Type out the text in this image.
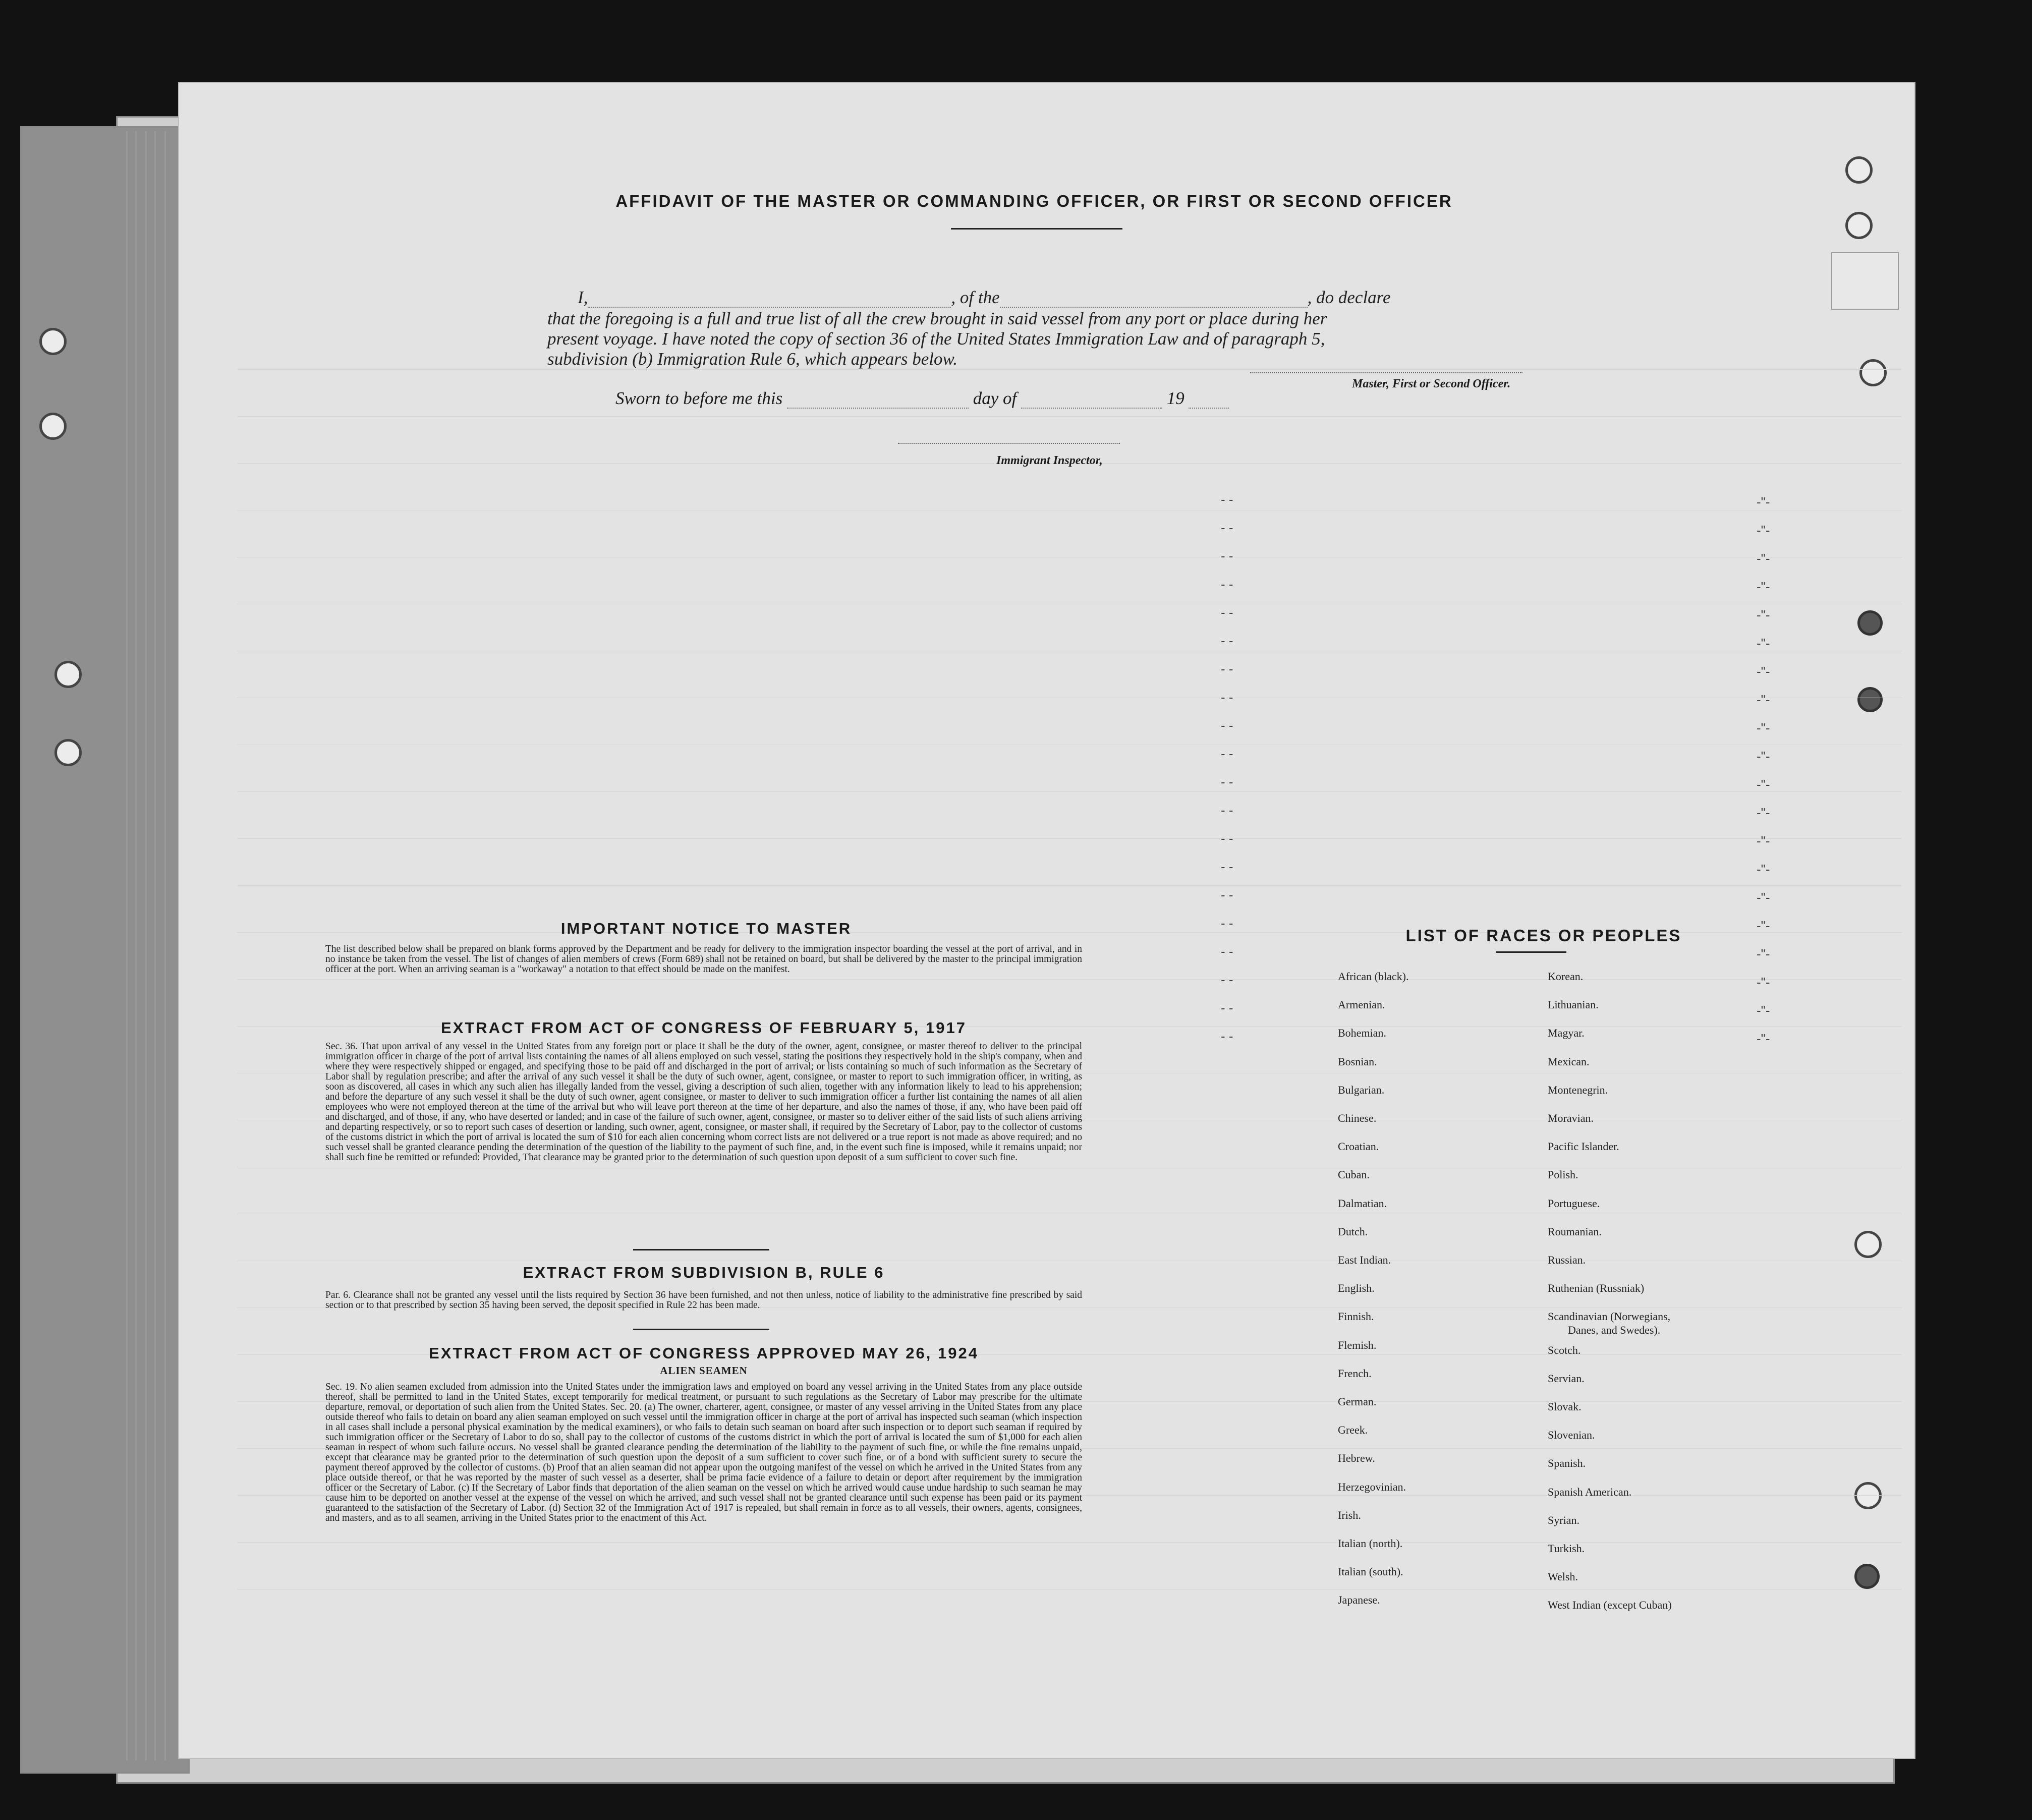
AFFIDAVIT OF THE MASTER OR COMMANDING OFFICER, OR FIRST OR SECOND OFFICER
I,	, of the	, do declare
that the foregoing is a full and true list of all the crew brought in said vessel from any port or place during her
present voyage. I have noted the copy of section 36 of the United States Immigration Law and of paragraph 5,
subdivision (b) Immigration Rule 6, which appears below.
Sworn to before me this	day of	19
Master, First or Second Officer.
Immigrant Inspector,
IMPORTANT NOTICE TO MASTER
The list described below shall be prepared on blank forms approved by the Department and be ready for delivery to the immigration inspector boarding the vessel at the port of arrival, and in no instance be taken from the vessel. The list of changes of alien members of crews (Form 689) shall not be retained on board, but shall be delivered by the master to the principal immigration officer at the port. When an arriving seaman is a "workaway" a notation to that effect should be made on the manifest.
EXTRACT FROM ACT OF CONGRESS OF FEBRUARY 5, 1917
Sec. 36. That upon arrival of any vessel in the United States from any foreign port or place it shall be the duty of the owner, agent, consignee, or master thereof to deliver to the principal immigration officer in charge of the port of arrival lists containing the names of all aliens employed on such vessel, stating the positions they respectively hold in the ship's company, when and where they were respectively shipped or engaged, and specifying those to be paid off and discharged in the port of arrival; or lists containing so much of such information as the Secretary of Labor shall by regulation prescribe; and after the arrival of any such vessel it shall be the duty of such owner, agent, consignee, or master to report to such immigration officer, in writing, as soon as discovered, all cases in which any such alien has illegally landed from the vessel, giving a description of such alien, together with any information likely to lead to his apprehension; and before the departure of any such vessel it shall be the duty of such owner, agent consignee, or master to deliver to such immigration officer a further list containing the names of all alien employees who were not employed thereon at the time of the arrival but who will leave port thereon at the time of her departure, and also the names of those, if any, who have been paid off and discharged, and of those, if any, who have deserted or landed; and in case of the failure of such owner, agent, consignee, or master so to deliver either of the said lists of such aliens arriving and departing respectively, or so to report such cases of desertion or landing, such owner, agent, consignee, or master shall, if required by the Secretary of Labor, pay to the collector of customs of the customs district in which the port of arrival is located the sum of $10 for each alien concerning whom correct lists are not delivered or a true report is not made as above required; and no such vessel shall be granted clearance pending the determination of the question of the liability to the payment of such fine, and, in the event such fine is imposed, while it remains unpaid; nor shall such fine be remitted or refunded: Provided, That clearance may be granted prior to the determination of such question upon deposit of a sum sufficient to cover such fine.
EXTRACT FROM SUBDIVISION B, RULE 6
Par. 6. Clearance shall not be granted any vessel until the lists required by Section 36 have been furnished, and not then unless, notice of liability to the administrative fine prescribed by said section or to that prescribed by section 35 having been served, the deposit specified in Rule 22 has been made.
EXTRACT FROM ACT OF CONGRESS APPROVED MAY 26, 1924
ALIEN SEAMEN
Sec. 19. No alien seamen excluded from admission into the United States under the immigration laws and employed on board any vessel arriving in the United States from any place outside thereof, shall be permitted to land in the United States, except temporarily for medical treatment, or pursuant to such regulations as the Secretary of Labor may prescribe for the ultimate departure, removal, or deportation of such alien from the United States. Sec. 20. (a) The owner, charterer, agent, consignee, or master of any vessel arriving in the United States from any place outside thereof who fails to detain on board any alien seaman employed on such vessel until the immigration officer in charge at the port of arrival has inspected such seaman (which inspection in all cases shall include a personal physical examination by the medical examiners), or who fails to detain such seaman on board after such inspection or to deport such seaman if required by such immigration officer or the Secretary of Labor to do so, shall pay to the collector of customs of the customs district in which the port of arrival is located the sum of $1,000 for each alien seaman in respect of whom such failure occurs. No vessel shall be granted clearance pending the determination of the liability to the payment of such fine, or while the fine remains unpaid, except that clearance may be granted prior to the determination of such question upon the deposit of a sum sufficient to cover such fine, or of a bond with sufficient surety to secure the payment thereof approved by the collector of customs. (b) Proof that an alien seaman did not appear upon the outgoing manifest of the vessel on which he arrived in the United States from any place outside thereof, or that he was reported by the master of such vessel as a deserter, shall be prima facie evidence of a failure to detain or deport after requirement by the immigration officer or the Secretary of Labor. (c) If the Secretary of Labor finds that deportation of the alien seaman on the vessel on which he arrived would cause undue hardship to such seaman he may cause him to be deported on another vessel at the expense of the vessel on which he arrived, and such vessel shall not be granted clearance until such expense has been paid or its payment guaranteed to the satisfaction of the Secretary of Labor. (d) Section 32 of the Immigration Act of 1917 is repealed, but shall remain in force as to all vessels, their owners, agents, consignees, and masters, and as to all seamen, arriving in the United States prior to the enactment of this Act.
LIST OF RACES OR PEOPLES
African (black).
Armenian.
Bohemian.
Bosnian.
Bulgarian.
Chinese.
Croatian.
Cuban.
Dalmatian.
Dutch.
East Indian.
English.
Finnish.
Flemish.
French.
German.
Greek.
Hebrew.
Herzegovinian.
Irish.
Italian (north).
Italian (south).
Japanese.
Korean.
Lithuanian.
Magyar.
Mexican.
Montenegrin.
Moravian.
Pacific Islander.
Polish.
Portuguese.
Roumanian.
Russian.
Ruthenian (Russniak)
Scandinavian (Norwegians,
Danes, and Swedes).
Scotch.
Servian.
Slovak.
Slovenian.
Spanish.
Spanish American.
Syrian.
Turkish.
Welsh.
West Indian (except Cuban)
-"-
-"-
-"-
-"-
-"-
-"-
-"-
-"-
-"-
-"-
-"-
-"-
-"-
-"-
-"-
-"-
-"-
-"-
-"-
-"-
- -
- -
- -
- -
- -
- -
- -
- -
- -
- -
- -
- -
- -
- -
- -
- -
- -
- -
- -
- -
